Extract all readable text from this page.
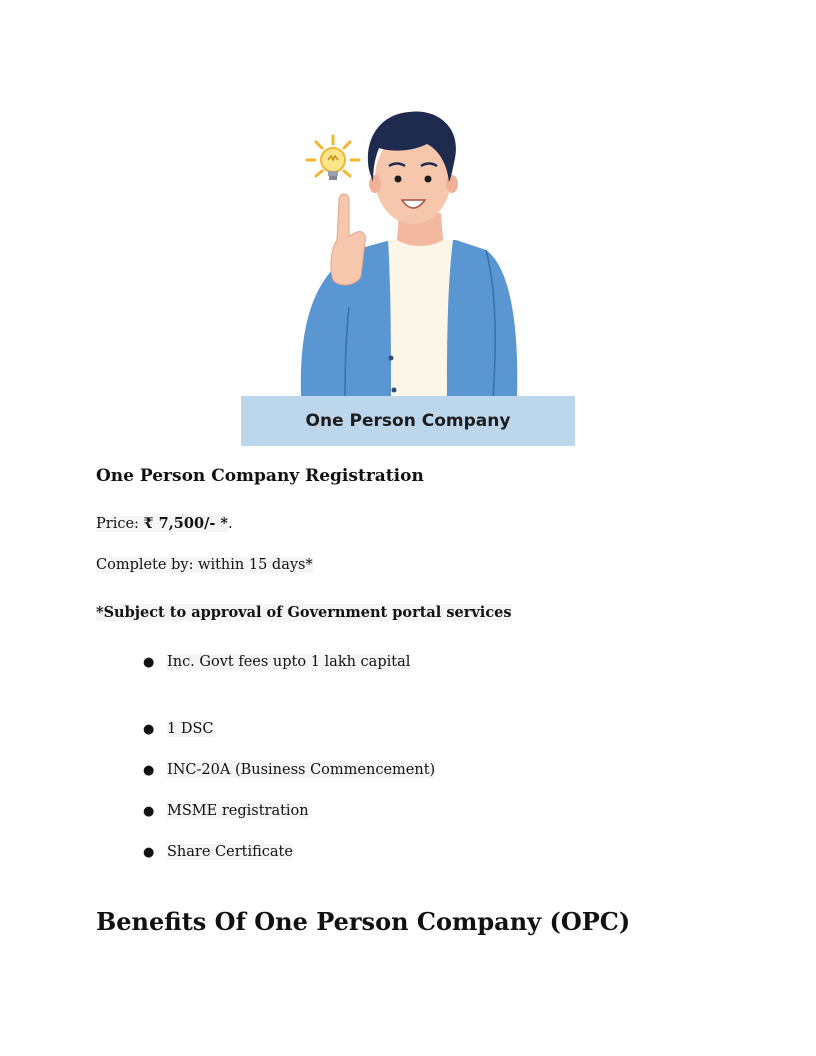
One Person Company
One Person Company Registration
Price: ₹ 7,500/- *.
Complete by: within 15 days*
*Subject to approval of Government portal services
● Inc. Govt fees upto 1 lakh capital
● 1 DSC
● INC-20A (Business Commencement)
● MSME registration
● Share Certificate
Benefits Of One Person Company (OPC)
